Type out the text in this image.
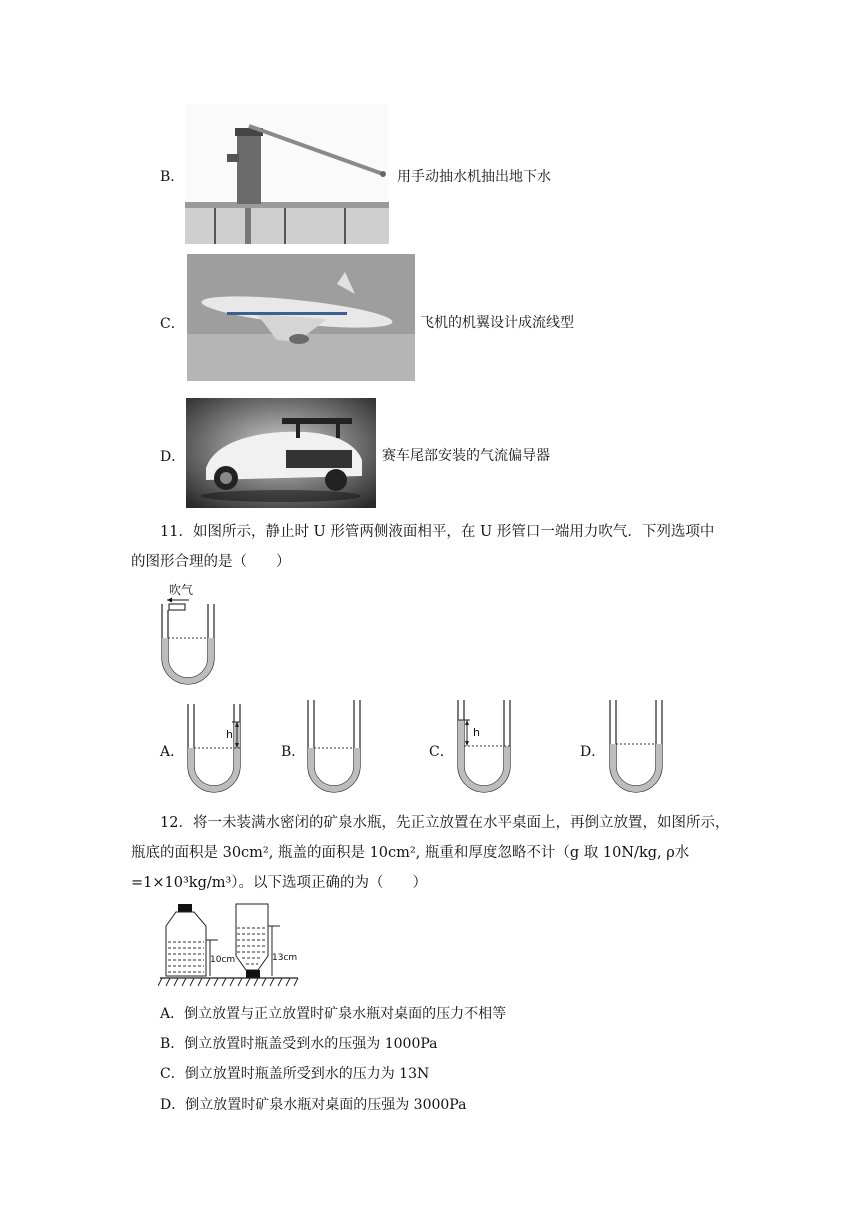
B．	用手动抽水机抽出地下水
C．	飞机的机翼设计成流线型
D．	赛车尾部安装的气流偏导器
11．如图所示，静止时 U 形管两侧液面相平，在 U 形管口一端用力吹气．下列选项中
的图形合理的是（　　）
吹气
A．
h
B．	C．
h
D．
12．将一未装满水密闭的矿泉水瓶，先正立放置在水平桌面上，再倒立放置，如图所示，
瓶底的面积是 30cm², 瓶盖的面积是 10cm², 瓶重和厚度忽略不计（g 取 10N/kg, ρ水
=1×10³kg/m³）。以下选项正确的为（　　）
10cm	13cm
A．倒立放置与正立放置时矿泉水瓶对桌面的压力不相等
B．倒立放置时瓶盖受到水的压强为 1000Pa
C．倒立放置时瓶盖所受到水的压力为 13N
D．倒立放置时矿泉水瓶对桌面的压强为 3000Pa
